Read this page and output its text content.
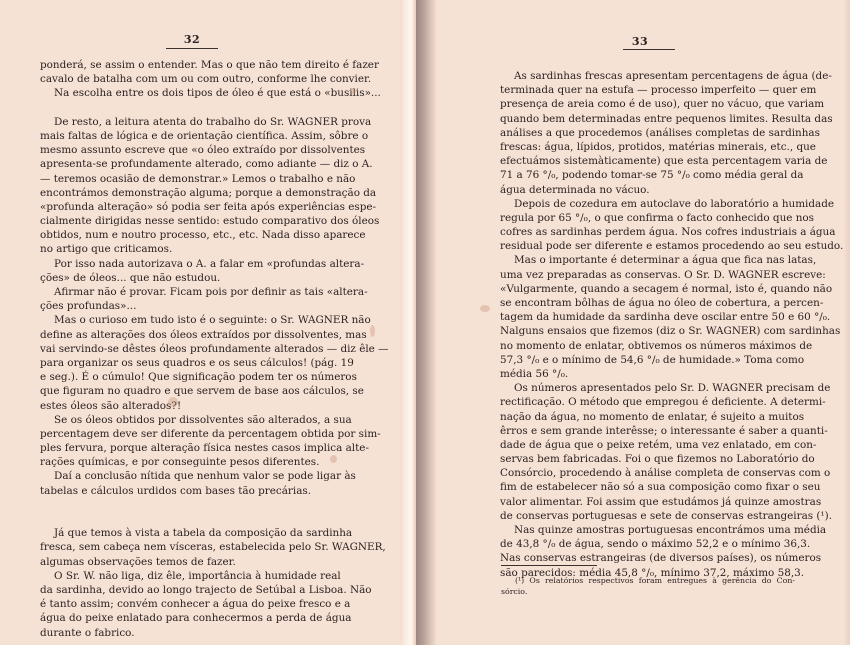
32
ponderá, se assim o entender. Mas o que não tem direito é fazer
cavalo de batalha com um ou com outro, conforme lhe convier.
Na escolha entre os dois tipos de óleo é que está o «busilis»...
De resto, a leitura atenta do trabalho do Sr. WAGNER prova
mais faltas de lógica e de orientação científica. Assim, sôbre o
mesmo assunto escreve que «o óleo extraído por dissolventes
apresenta-se profundamente alterado, como adiante — diz o A.
— teremos ocasião de demonstrar.» Lemos o trabalho e não
encontrámos demonstração alguma; porque a demonstração da
«profunda alteração» só podia ser feita após experiências espe-
cialmente dirigidas nesse sentido: estudo comparativo dos óleos
obtidos, num e noutro processo, etc., etc. Nada disso aparece
no artigo que criticamos.
Por isso nada autorizava o A. a falar em «profundas altera-
ções» de óleos... que não estudou.
Afirmar não é provar. Ficam pois por definir as tais «altera-
ções profundas»...
Mas o curioso em tudo isto é o seguinte: o Sr. WAGNER não
define as alterações dos óleos extraídos por dissolventes, mas
vai servindo-se dêstes óleos profundamente alterados — diz êle —
para organizar os seus quadros e os seus cálculos! (pág. 19
e seg.). É o cúmulo! Que significação podem ter os números
que figuram no quadro e que servem de base aos cálculos, se
estes óleos são alterados?!
Se os óleos obtidos por dissolventes são alterados, a sua
percentagem deve ser diferente da percentagem obtida por sim-
ples fervura, porque alteração física nestes casos implica alte-
rações químicas, e por conseguinte pesos diferentes.
Daí a conclusão nítida que nenhum valor se pode ligar às
tabelas e cálculos urdidos com bases tão precárias.
Já que temos à vista a tabela da composição da sardinha
fresca, sem cabeça nem vísceras, estabelecida pelo Sr. WAGNER,
algumas observações temos de fazer.
O Sr. W. não liga, diz êle, importância à humidade real
da sardinha, devido ao longo trajecto de Setúbal a Lisboa. Não
é tanto assim; convém conhecer a água do peixe fresco e a
água do peixe enlatado para conhecermos a perda de água
durante o fabrico.
33
As sardinhas frescas apresentam percentagens de água (de-
terminada quer na estufa — processo imperfeito — quer em
presença de areia como é de uso), quer no vácuo, que variam
quando bem determinadas entre pequenos limites. Resulta das
análises a que procedemos (análises completas de sardinhas
frescas: água, lípidos, protidos, matérias minerais, etc., que
efectuámos sistemàticamente) que esta percentagem varia de
71 a 76 °/₀, podendo tomar-se 75 °/₀ como média geral da
água determinada no vácuo.
Depois de cozedura em autoclave do laboratório a humidade
regula por 65 °/₀, o que confirma o facto conhecido que nos
cofres as sardinhas perdem água. Nos cofres industriais a água
residual pode ser diferente e estamos procedendo ao seu estudo.
Mas o importante é determinar a água que fica nas latas,
uma vez preparadas as conservas. O Sr. D. WAGNER escreve:
«Vulgarmente, quando a secagem é normal, isto é, quando não
se encontram bôlhas de água no óleo de cobertura, a percen-
tagem da humidade da sardinha deve oscilar entre 50 e 60 °/₀.
Nalguns ensaios que fizemos (diz o Sr. WAGNER) com sardinhas
no momento de enlatar, obtivemos os números máximos de
57,3 °/₀ e o mínimo de 54,6 °/₀ de humidade.» Toma como
média 56 °/₀.
Os números apresentados pelo Sr. D. WAGNER precisam de
rectificação. O método que empregou é deficiente. A determi-
nação da água, no momento de enlatar, é sujeito a muitos
êrros e sem grande interêsse; o interessante é saber a quanti-
dade de água que o peixe retém, uma vez enlatado, em con-
servas bem fabricadas. Foi o que fizemos no Laboratório do
Consórcio, procedendo à análise completa de conservas com o
fim de estabelecer não só a sua composição como fixar o seu
valor alimentar. Foi assim que estudámos já quinze amostras
de conservas portuguesas e sete de conservas estrangeiras (¹).
Nas quinze amostras portuguesas encontrámos uma média
de 43,8 °/₀ de água, sendo o máximo 52,2 e o mínimo 36,3.
Nas conservas estrangeiras (de diversos países), os números
são parecidos: média 45,8 °/₀, mínimo 37,2, máximo 58,3.
(¹) Os relatórios respectivos foram entregues à gerência do Con-
sórcio.
